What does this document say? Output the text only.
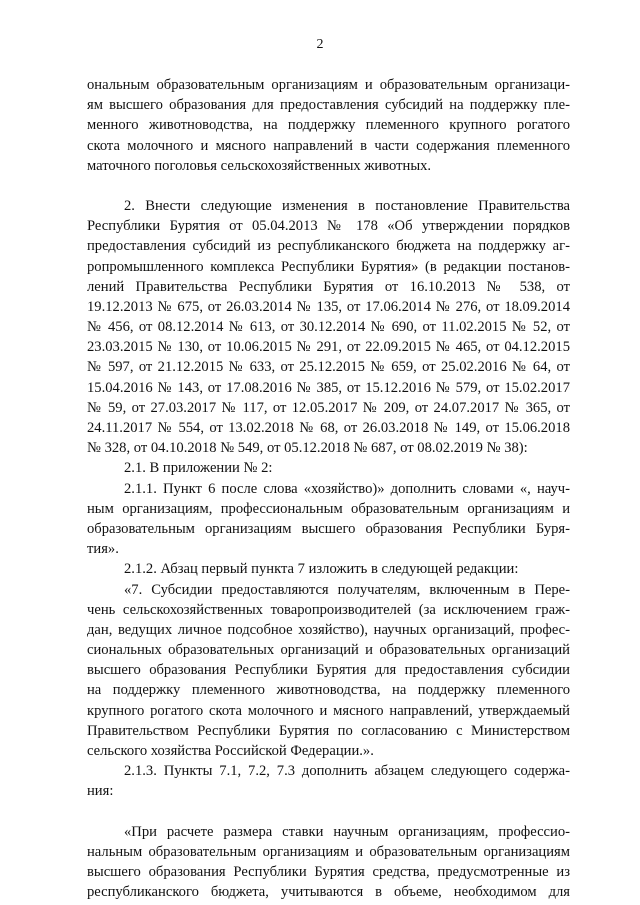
2
ональным образовательным организациям и образовательным организаци-
ям высшего образования для предоставления субсидий на поддержку пле-
менного животноводства, на поддержку племенного крупного рогатого
скота молочного и мясного направлений в части содержания племенного
маточного поголовья сельскохозяйственных животных.
2. Внести следующие изменения в постановление Правительства
Республики Бурятия от 05.04.2013 № 178 «Об утверждении порядков
предоставления субсидий из республиканского бюджета на поддержку аг-
ропромышленного комплекса Республики Бурятия» (в редакции постанов-
лений Правительства Республики Бурятия от 16.10.2013 № 538, от
19.12.2013 № 675, от 26.03.2014 № 135, от 17.06.2014 № 276, от 18.09.2014
№ 456, от 08.12.2014 № 613, от 30.12.2014 № 690, от 11.02.2015 № 52, от
23.03.2015 № 130, от 10.06.2015 № 291, от 22.09.2015 № 465, от 04.12.2015
№ 597, от 21.12.2015 № 633, от 25.12.2015 № 659, от 25.02.2016 № 64, от
15.04.2016 № 143, от 17.08.2016 № 385, от 15.12.2016 № 579, от 15.02.2017
№ 59, от 27.03.2017 № 117, от 12.05.2017 № 209, от 24.07.2017 № 365, от
24.11.2017 № 554, от 13.02.2018 № 68, от 26.03.2018 № 149, от 15.06.2018
№ 328, от 04.10.2018 № 549, от 05.12.2018 № 687, от 08.02.2019 № 38):
2.1. В приложении № 2:
2.1.1. Пункт 6 после слова «хозяйство)» дополнить словами «, науч-
ным организациям, профессиональным образовательным организациям и
образовательным организациям высшего образования Республики Буря-
тия».
2.1.2. Абзац первый пункта 7 изложить в следующей редакции:
«7. Субсидии предоставляются получателям, включенным в Пере-
чень сельскохозяйственных товаропроизводителей (за исключением граж-
дан, ведущих личное подсобное хозяйство), научных организаций, профес-
сиональных образовательных организаций и образовательных организаций
высшего образования Республики Бурятия для предоставления субсидии
на поддержку племенного животноводства, на поддержку племенного
крупного рогатого скота молочного и мясного направлений, утверждаемый
Правительством Республики Бурятия по согласованию с Министерством
сельского хозяйства Российской Федерации.».
2.1.3. Пункты 7.1, 7.2, 7.3 дополнить абзацем следующего содержа-
ния:
«При расчете размера ставки научным организациям, професcио-
нальным образовательным организациям и образовательным организациям
высшего образования Республики Бурятия средства, предусмотренные из
республиканского бюджета, учитываются в объеме, необходимом для
